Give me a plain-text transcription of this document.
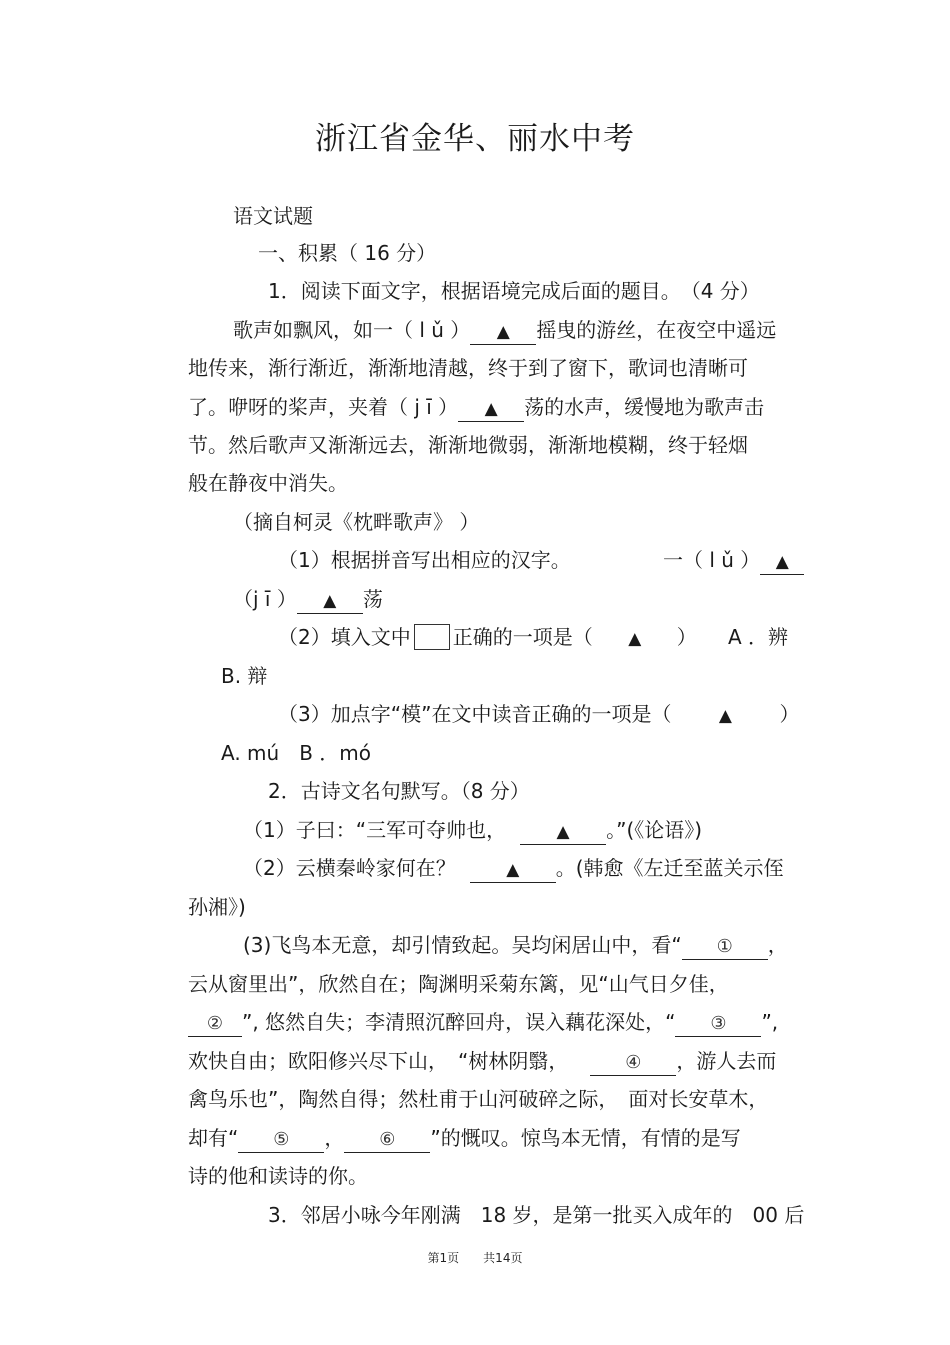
浙江省金华、丽水中考
语文试题
一、积累（ 16 分）
1．阅读下面文字，根据语境完成后面的题目。　（4 分）
歌声如飘风，如一（ l ǔ ） ▲ 摇曳的游丝，在夜空中遥远
地传来，渐行渐近，渐渐地清越，终于到了窗下，歌词也清晰可
了。咿呀的桨声，夹着（ j ī ） ▲ 荡的水声，缓慢地为歌声击
节。然后歌声又渐渐远去，渐渐地微弱，渐渐地模糊，终于轻烟
般在静夜中消失。
（摘自柯灵《枕畔歌声》 ）
（1）根据拼音写出相应的汉字。	一（ l ǔ ） ▲
（j ī ） ▲ 荡
（2）填入文中 正确的一项是（ ▲ ） A ．辨
B. 辩
（3）加点字“模”在文中读音正确的一项是（	▲ ）
A. mú　B ．mó
2．古诗文名句默写。（8 分）
（1）子曰：“三军可夺帅也，	▲ 。”(《论语》)
（2）云横秦岭家何在？	▲ 。(韩愈《左迁至蓝关示侄
孙湘》)
(3)飞鸟本无意，却引情致起。吴均闲居山中，看“ ① ，
云从窗里出”，欣然自在；陶渊明采菊东篱，见“山气日夕佳，
② ”, 悠然自失；李清照沉醉回舟，误入藕花深处，“ ③ ”,
欢快自由；欧阳修兴尽下山，　“树林阴翳，	④ ，游人去而
禽鸟乐也”，陶然自得；然杜甫于山河破碎之际，　面对长安草木，
却有“ ⑤ ， ⑥ ”的慨叹。惊鸟本无情，有情的是写
诗的他和读诗的你。
3．邻居小咏今年刚满　18 岁，是第一批买入成年的　00 后
第1页　　共14页
